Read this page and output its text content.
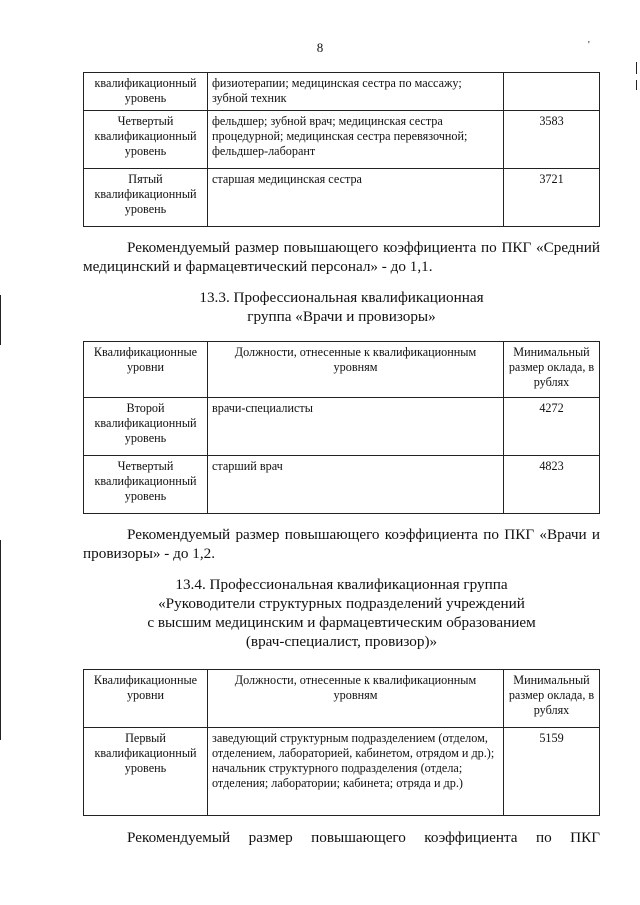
8	'
квалификационный уровень	физиотерапии; медицинская сестра по массажу; зубной техник	
Четвертый квалификационный уровень	фельдшер; зубной врач; медицинская сестра процедурной; медицинская сестра перевязочной; фельдшер-лаборант	3583
Пятый квалификационный уровень	старшая медицинская сестра	3721
Рекомендуемый размер повышающего коэффициента по ПКГ «Средний медицинский и фармацевтический персонал» - до 1,1.
13.3. Профессиональная квалификационная
группа «Врачи и провизоры»
Квалификационные уровни	Должности, отнесенные к квалификационным уровням	Минимальный размер оклада, в рублях
Второй квалификационный уровень	врачи-специалисты	4272
Четвертый квалификационный уровень	старший врач	4823
Рекомендуемый размер повышающего коэффициента по ПКГ «Врачи и провизоры» - до 1,2.
13.4. Профессиональная квалификационная группа
«Руководители структурных подразделений учреждений
с высшим медицинским и фармацевтическим образованием
(врач-специалист, провизор)»
Квалификационные уровни	Должности, отнесенные к квалификационным уровням	Минимальный размер оклада, в рублях
Первый квалификационный уровень	заведующий структурным подразделением (отделом, отделением, лабораторией, кабинетом, отрядом и др.); начальник структурного подразделения (отдела; отделения; лаборатории; кабинета; отряда и др.)	5159
Рекомендуемый размер повышающего коэффициента по ПКГ
